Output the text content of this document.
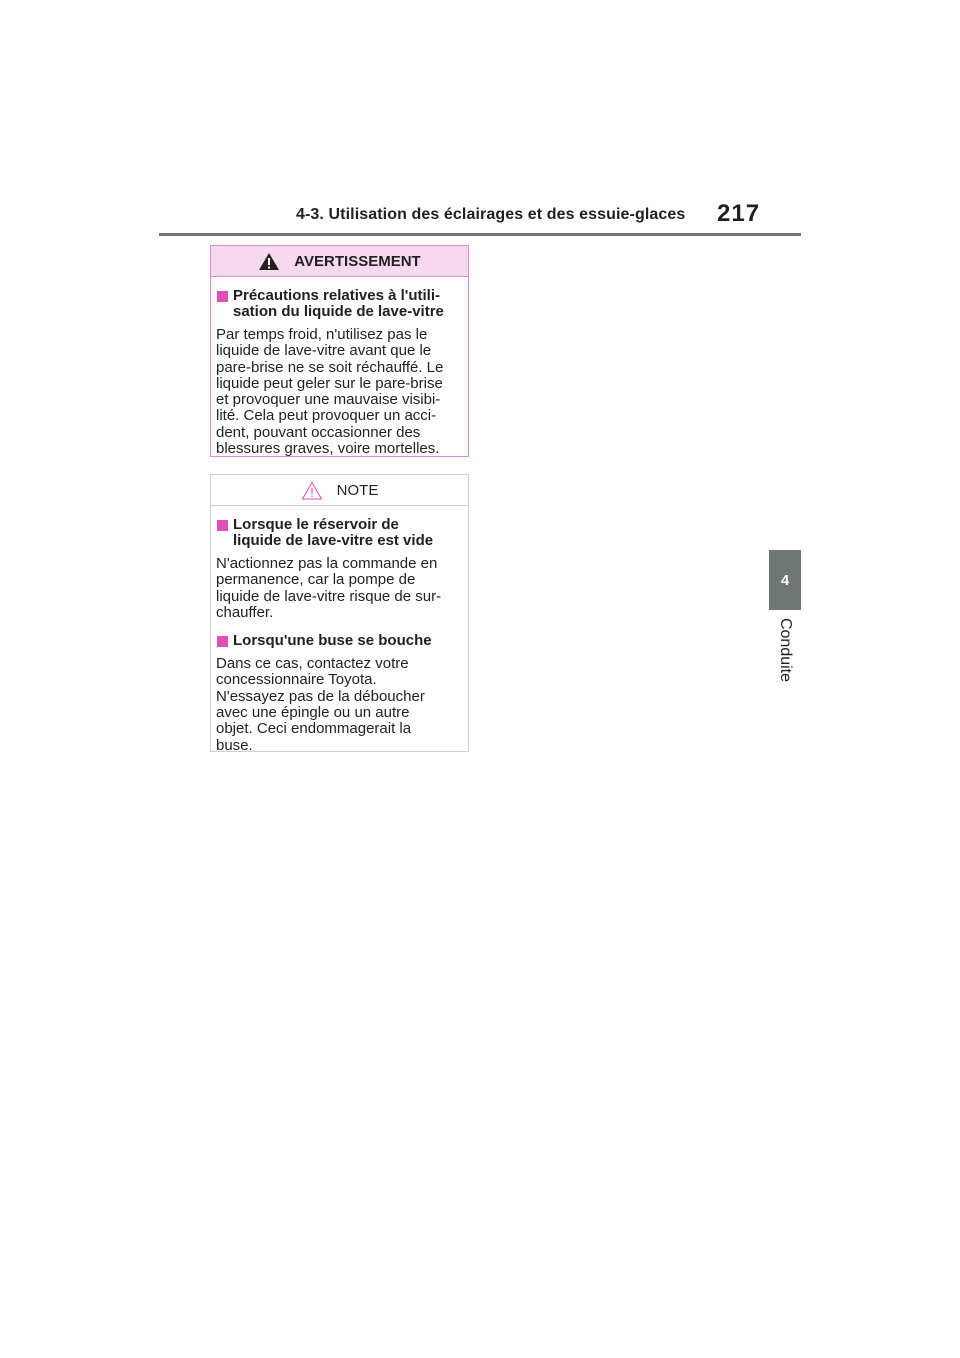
4-3. Utilisation des éclairages et des essuie-glaces 217
4
Conduite
AVERTISSEMENT
Précautions relatives à l'utili-
sation du liquide de lave-vitre
Par temps froid, n'utilisez pas le
liquide de lave-vitre avant que le
pare-brise ne se soit réchauffé. Le
liquide peut geler sur le pare-brise
et provoquer une mauvaise visibi-
lité. Cela peut provoquer un acci-
dent, pouvant occasionner des
blessures graves, voire mortelles.
NOTE
Lorsque le réservoir de
liquide de lave-vitre est vide
N'actionnez pas la commande en
permanence, car la pompe de
liquide de lave-vitre risque de sur-
chauffer.
Lorsqu'une buse se bouche
Dans ce cas, contactez votre
concessionnaire Toyota.
N'essayez pas de la déboucher
avec une épingle ou un autre
objet. Ceci endommagerait la
buse.
